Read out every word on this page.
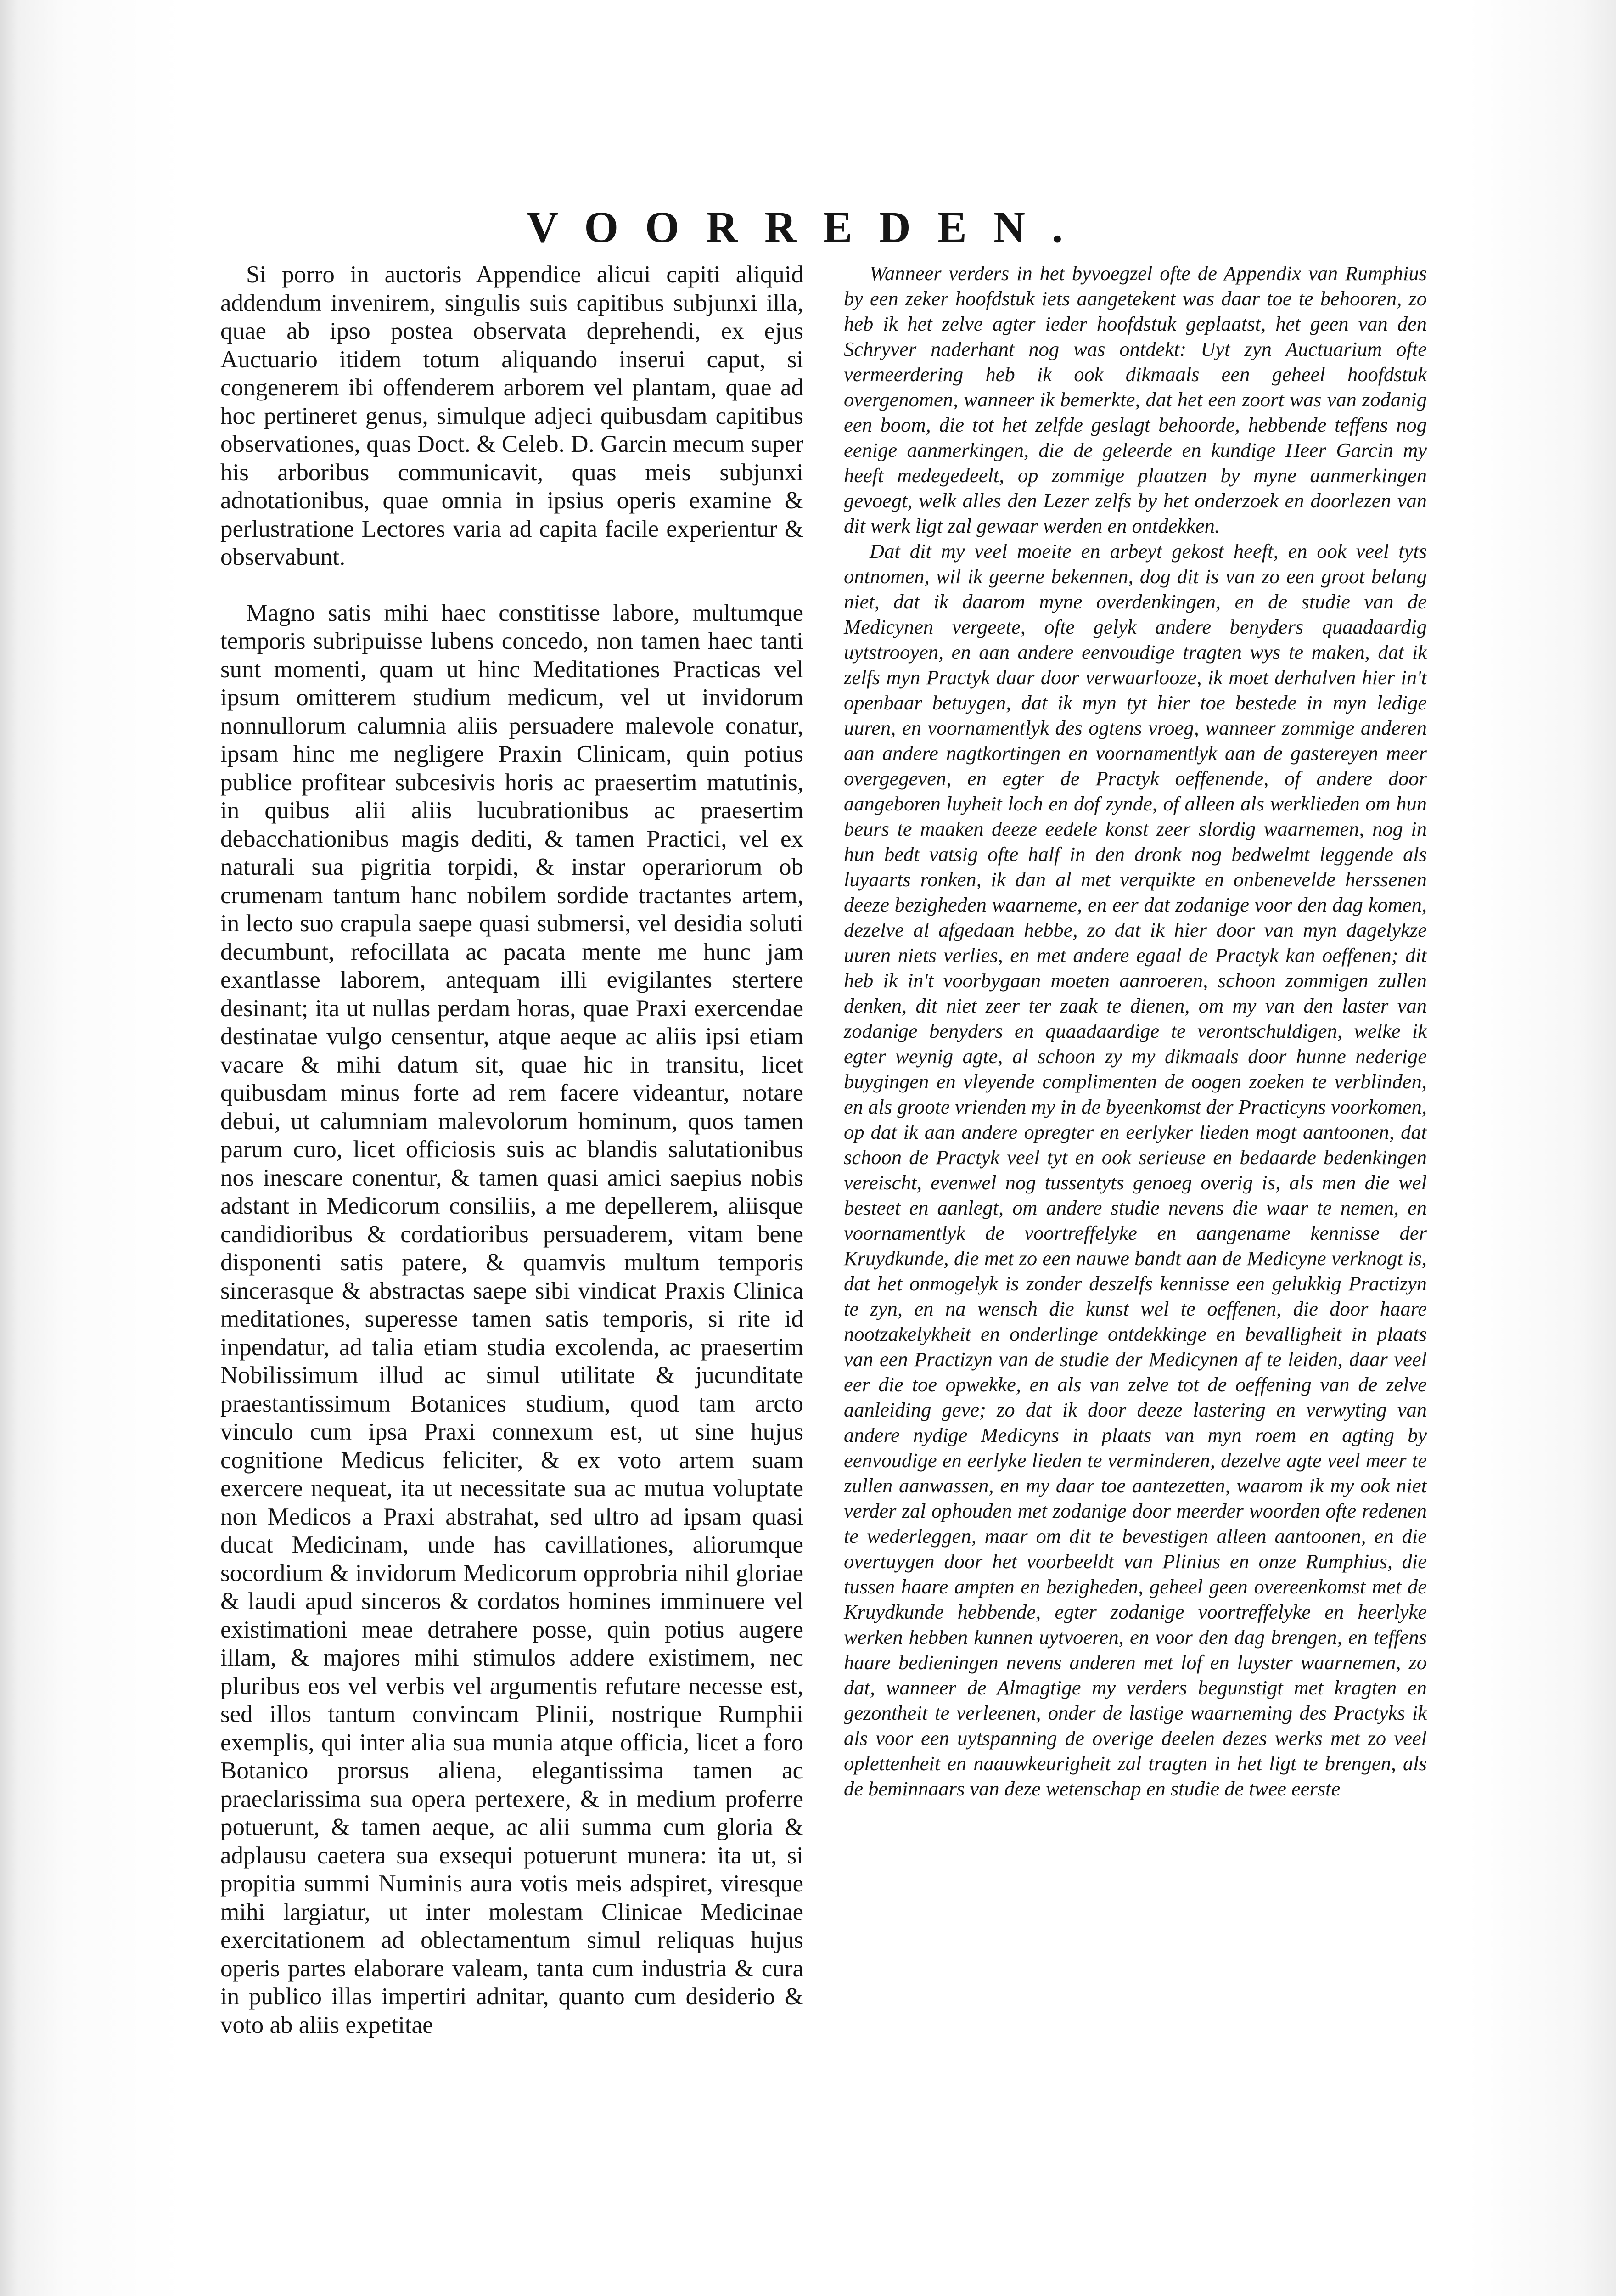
VOORREDEN.

Si porro in auctoris Appendice alicui capiti aliquid addendum invenirem, singulis suis capitibus subjunxi illa, quae ab ipso postea observata deprehendi, ex ejus Auctuario itidem totum aliquando inserui caput, si congenerem ibi offenderem arborem vel plantam, quae ad hoc pertineret genus, simulque adjeci quibusdam capitibus observationes, quas Doct. & Celeb. D. Garcin mecum super his arboribus communicavit, quas meis subjunxi adnotationibus, quae omnia in ipsius operis examine & perlustratione Lectores varia ad capita facile experientur & observabunt.

Magno satis mihi haec constitisse labore, multumque temporis subripuisse lubens concedo, non tamen haec tanti sunt momenti, quam ut hinc Meditationes Practicas vel ipsum omitterem studium medicum, vel ut invidorum nonnullorum calumnia aliis persuadere malevole conatur, ipsam hinc me negligere Praxin Clinicam, quin potius publice profitear subcesivis horis ac praesertim matutinis, in quibus alii aliis lucubrationibus ac praesertim debacchationibus magis dediti, & tamen Practici, vel ex naturali sua pigritia torpidi, & instar operariorum ob crumenam tantum hanc nobilem sordide tractantes artem, in lecto suo crapula saepe quasi submersi, vel desidia soluti decumbunt, refocillata ac pacata mente me hunc jam exantlasse laborem, antequam illi evigilantes stertere desinant; ita ut nullas perdam horas, quae Praxi exercendae destinatae vulgo censentur, atque aeque ac aliis ipsi etiam vacare & mihi datum sit, quae hic in transitu, licet quibusdam minus forte ad rem facere videantur, notare debui, ut calumniam malevolorum hominum, quos tamen parum curo, licet officiosis suis ac blandis salutationibus nos inescare conentur, & tamen quasi amici saepius nobis adstant in Medicorum consiliis, a me depellerem, aliisque candidioribus & cordatioribus persuaderem, vitam bene disponenti satis patere, & quamvis multum temporis sincerasque & abstractas saepe sibi vindicat Praxis Clinica meditationes, superesse tamen satis temporis, si rite id inpendatur, ad talia etiam studia excolenda, ac praesertim Nobilissimum illud ac simul utilitate & jucunditate praestantissimum Botanices studium, quod tam arcto vinculo cum ipsa Praxi connexum est, ut sine hujus cognitione Medicus feliciter, & ex voto artem suam exercere nequeat, ita ut necessitate sua ac mutua voluptate non Medicos a Praxi abstrahat, sed ultro ad ipsam quasi ducat Medicinam, unde has cavillationes, aliorumque socordium & invidorum Medicorum opprobria nihil gloriae & laudi apud sinceros & cordatos homines imminuere vel existimationi meae detrahere posse, quin potius augere illam, & majores mihi stimulos addere existimem, nec pluribus eos vel verbis vel argumentis refutare necesse est, sed illos tantum convincam Plinii, nostrique Rumphii exemplis, qui inter alia sua munia atque officia, licet a foro Botanico prorsus aliena, elegantissima tamen ac praeclarissima sua opera pertexere, & in medium proferre potuerunt, & tamen aeque, ac alii summa cum gloria & adplausu caetera sua exsequi potuerunt munera: ita ut, si propitia summi Numinis aura votis meis adspiret, viresque mihi largiatur, ut inter molestam Clinicae Medicinae exercitationem ad oblectamentum simul reliquas hujus operis partes elaborare valeam, tanta cum industria & cura in publico illas impertiri adnitar, quanto cum desiderio & voto ab aliis expetitae

Wanneer verders in het byvoegzel ofte de Appendix van Rumphius by een zeker hoofdstuk iets aangetekent was daar toe te behooren, zo heb ik het zelve agter ieder hoofdstuk geplaatst, het geen van den Schryver naderhant nog was ontdekt: Uyt zyn Auctuarium ofte vermeerdering heb ik ook dikmaals een geheel hoofdstuk overgenomen, wanneer ik bemerkte, dat het een zoort was van zodanig een boom, die tot het zelfde geslagt behoorde, hebbende teffens nog eenige aanmerkingen, die de geleerde en kundige Heer Garcin my heeft medegedeelt, op zommige plaatzen by myne aanmerkingen gevoegt, welk alles den Lezer zelfs by het onderzoek en doorlezen van dit werk ligt zal gewaar werden en ontdekken.

Dat dit my veel moeite en arbeyt gekost heeft, en ook veel tyts ontnomen, wil ik geerne bekennen, dog dit is van zo een groot belang niet, dat ik daarom myne overdenkingen, en de studie van de Medicynen vergeete, ofte gelyk andere benyders quaadaardig uytstrooyen, en aan andere eenvoudige tragten wys te maken, dat ik zelfs myn Practyk daar door verwaarlooze, ik moet derhalven hier in't openbaar betuygen, dat ik myn tyt hier toe bestede in myn ledige uuren, en voornamentlyk des ogtens vroeg, wanneer zommige anderen aan andere nagtkortingen en voornamentlyk aan de gastereyen meer overgegeven, en egter de Practyk oeffenende, of andere door aangeboren luyheit loch en dof zynde, of alleen als werklieden om hun beurs te maaken deeze eedele konst zeer slordig waarnemen, nog in hun bedt vatsig ofte half in den dronk nog bedwelmt leggende als luyaarts ronken, ik dan al met verquikte en onbenevelde herssenen deeze bezigheden waarneme, en eer dat zodanige voor den dag komen, dezelve al afgedaan hebbe, zo dat ik hier door van myn dagelykze uuren niets verlies, en met andere egaal de Practyk kan oeffenen; dit heb ik in't voorbygaan moeten aanroeren, schoon zommigen zullen denken, dit niet zeer ter zaak te dienen, om my van den laster van zodanige benyders en quaadaardige te verontschuldigen, welke ik egter weynig agte, al schoon zy my dikmaals door hunne nederige buygingen en vleyende complimenten de oogen zoeken te verblinden, en als groote vrienden my in de byeenkomst der Practicyns voorkomen, op dat ik aan andere opregter en eerlyker lieden mogt aantoonen, dat schoon de Practyk veel tyt en ook serieuse en bedaarde bedenkingen vereischt, evenwel nog tussentyts genoeg overig is, als men die wel besteet en aanlegt, om andere studie nevens die waar te nemen, en voornamentlyk de voortreffelyke en aangename kennisse der Kruydkunde, die met zo een nauwe bandt aan de Medicyne verknogt is, dat het onmogelyk is zonder deszelfs kennisse een gelukkig Practizyn te zyn, en na wensch die kunst wel te oeffenen, die door haare nootzakelykheit en onderlinge ontdekkinge en bevalligheit in plaats van een Practizyn van de studie der Medicynen af te leiden, daar veel eer die toe opwekke, en als van zelve tot de oeffening van de zelve aanleiding geve; zo dat ik door deeze lastering en verwyting van andere nydige Medicyns in plaats van myn roem en agting by eenvoudige en eerlyke lieden te verminderen, dezelve agte veel meer te zullen aanwassen, en my daar toe aantezetten, waarom ik my ook niet verder zal ophouden met zodanige door meerder woorden ofte redenen te wederleggen, maar om dit te bevestigen alleen aantoonen, en die overtuygen door het voorbeeldt van Plinius en onze Rumphius, die tussen haare ampten en bezigheden, geheel geen overeenkomst met de Kruydkunde hebbende, egter zodanige voortreffelyke en heerlyke werken hebben kunnen uytvoeren, en voor den dag brengen, en teffens haare bedieningen nevens anderen met lof en luyster waarnemen, zo dat, wanneer de Almagtige my verders begunstigt met kragten en gezontheit te verleenen, onder de lastige waarneming des Practyks ik als voor een uytspanning de overige deelen dezes werks met zo veel oplettenheit en naauwkeurigheit zal tragten in het ligt te brengen, als de beminnaars van deze wetenschap en studie de twee eerste
